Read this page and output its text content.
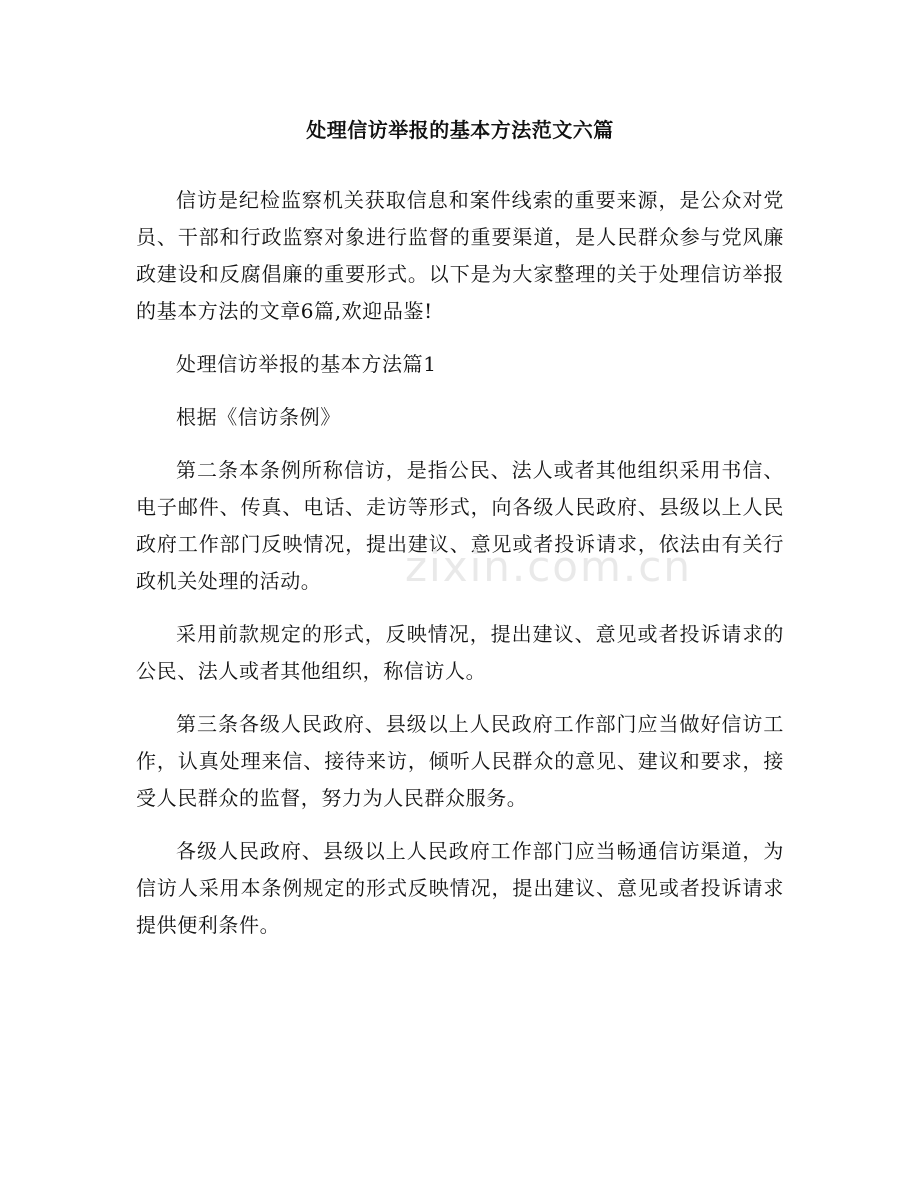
处理信访举报的基本方法范文六篇

信访是纪检监察机关获取信息和案件线索的重要来源，是公众对党员、干部和行政监察对象进行监督的重要渠道，是人民群众参与党风廉政建设和反腐倡廉的重要形式。以下是为大家整理的关于处理信访举报的基本方法的文章6篇,欢迎品鉴!

处理信访举报的基本方法篇1

根据《信访条例》

第二条本条例所称信访，是指公民、法人或者其他组织采用书信、电子邮件、传真、电话、走访等形式，向各级人民政府、县级以上人民政府工作部门反映情况，提出建议、意见或者投诉请求，依法由有关行政机关处理的活动。

采用前款规定的形式，反映情况，提出建议、意见或者投诉请求的公民、法人或者其他组织，称信访人。

第三条各级人民政府、县级以上人民政府工作部门应当做好信访工作，认真处理来信、接待来访，倾听人民群众的意见、建议和要求，接受人民群众的监督，努力为人民群众服务。

各级人民政府、县级以上人民政府工作部门应当畅通信访渠道，为信访人采用本条例规定的形式反映情况，提出建议、意见或者投诉请求提供便利条件。

zixin.com.cn
